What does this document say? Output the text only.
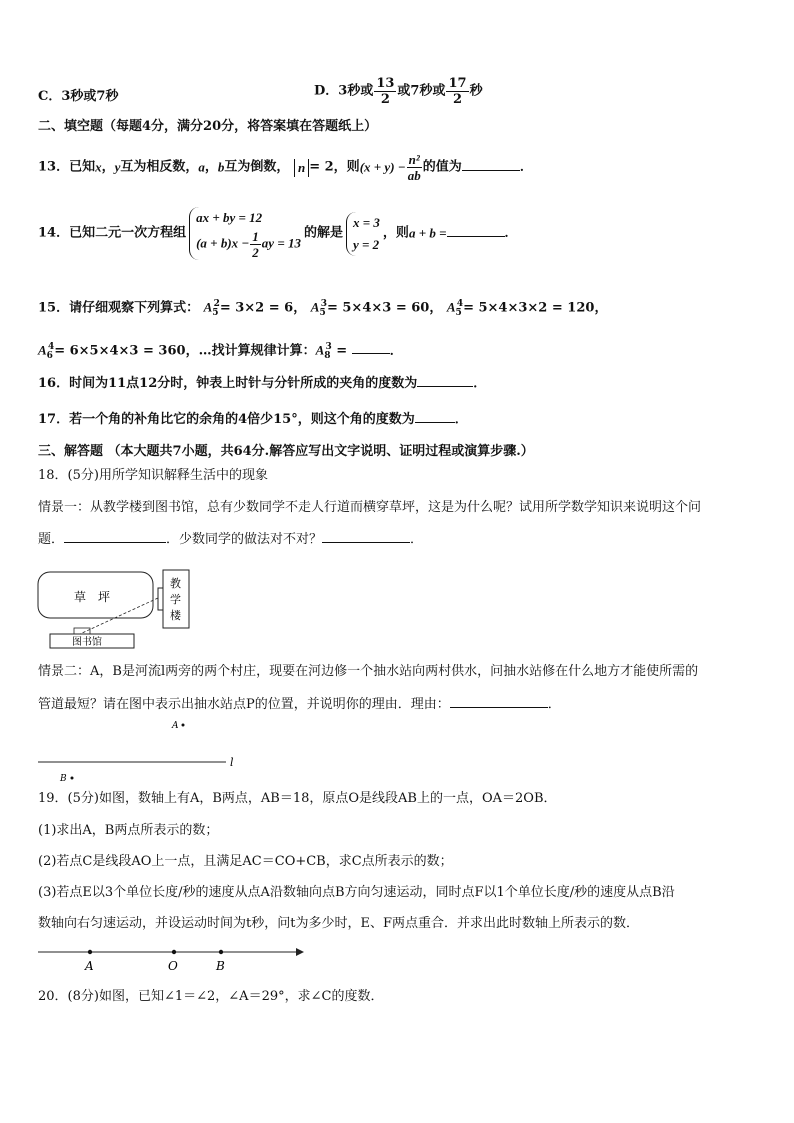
C．3秒或7秒	D．3秒或 $\frac{13}{2}$ 或7秒或 $\frac{17}{2}$ 秒
二、填空题（每题4分，满分20分，将答案填在答题纸上）
13．已知x，y互为相反数，a，b互为倒数， n = 2，则$(x + y) - \frac{\text{n²}}{ab}$ 的值为	．
14．已知二元一次方程组
ax + by = 12
$(a + b)x - \frac{1}{2}$ ay = 13
的解是
x = 3
y = 2
，则a + b =	．
15．请仔细观察下列算式： $A_5^2= 3\times 2 = 6$， $A_5^3= 5\times 4\times 3 = 60$， $A_5^4= 5\times 4\times 3\times 2 = 120$，
$A_6^4= 6\times 5\times 4\times 3 = 360$，…找计算规律计算：$A_8^3$ =	．
16．时间为11点12分时，钟表上时针与分针所成的夹角的度数为	．
17．若一个角的补角比它的余角的4倍少15°，则这个角的度数为	．
三、解答题 （本大题共7小题，共64分.解答应写出文字说明、证明过程或演算步骤.）
18．(5分)用所学知识解释生活中的现象
情景一：从教学楼到图书馆，总有少数同学不走人行道而横穿草坪，这是为什么呢？试用所学数学知识来说明这个问
题．	．少数同学的做法对不对？	．
草　坪
教
学
楼
图书馆
情景二：A，B是河流l两旁的两个村庄，现要在河边修一个抽水站向两村供水，问抽水站修在什么地方才能使所需的
管道最短？请在图中表示出抽水站点P的位置，并说明你的理由．理由：	．
A
l
B
19．(5分)如图，数轴上有A，B两点，AB＝18，原点O是线段AB上的一点，OA＝2OB．
(1)求出A，B两点所表示的数；
(2)若点C是线段AO上一点，且满足AC＝CO+CB，求C点所表示的数；
(3)若点E以3个单位长度/秒的速度从点A沿数轴向点B方向匀速运动，同时点F以1个单位长度/秒的速度从点B沿
数轴向右匀速运动，并设运动时间为t秒，问t为多少时，E、F两点重合．并求出此时数轴上所表示的数．
A	O	B
20．(8分)如图，已知∠1＝∠2，∠A＝29°，求∠C的度数．
